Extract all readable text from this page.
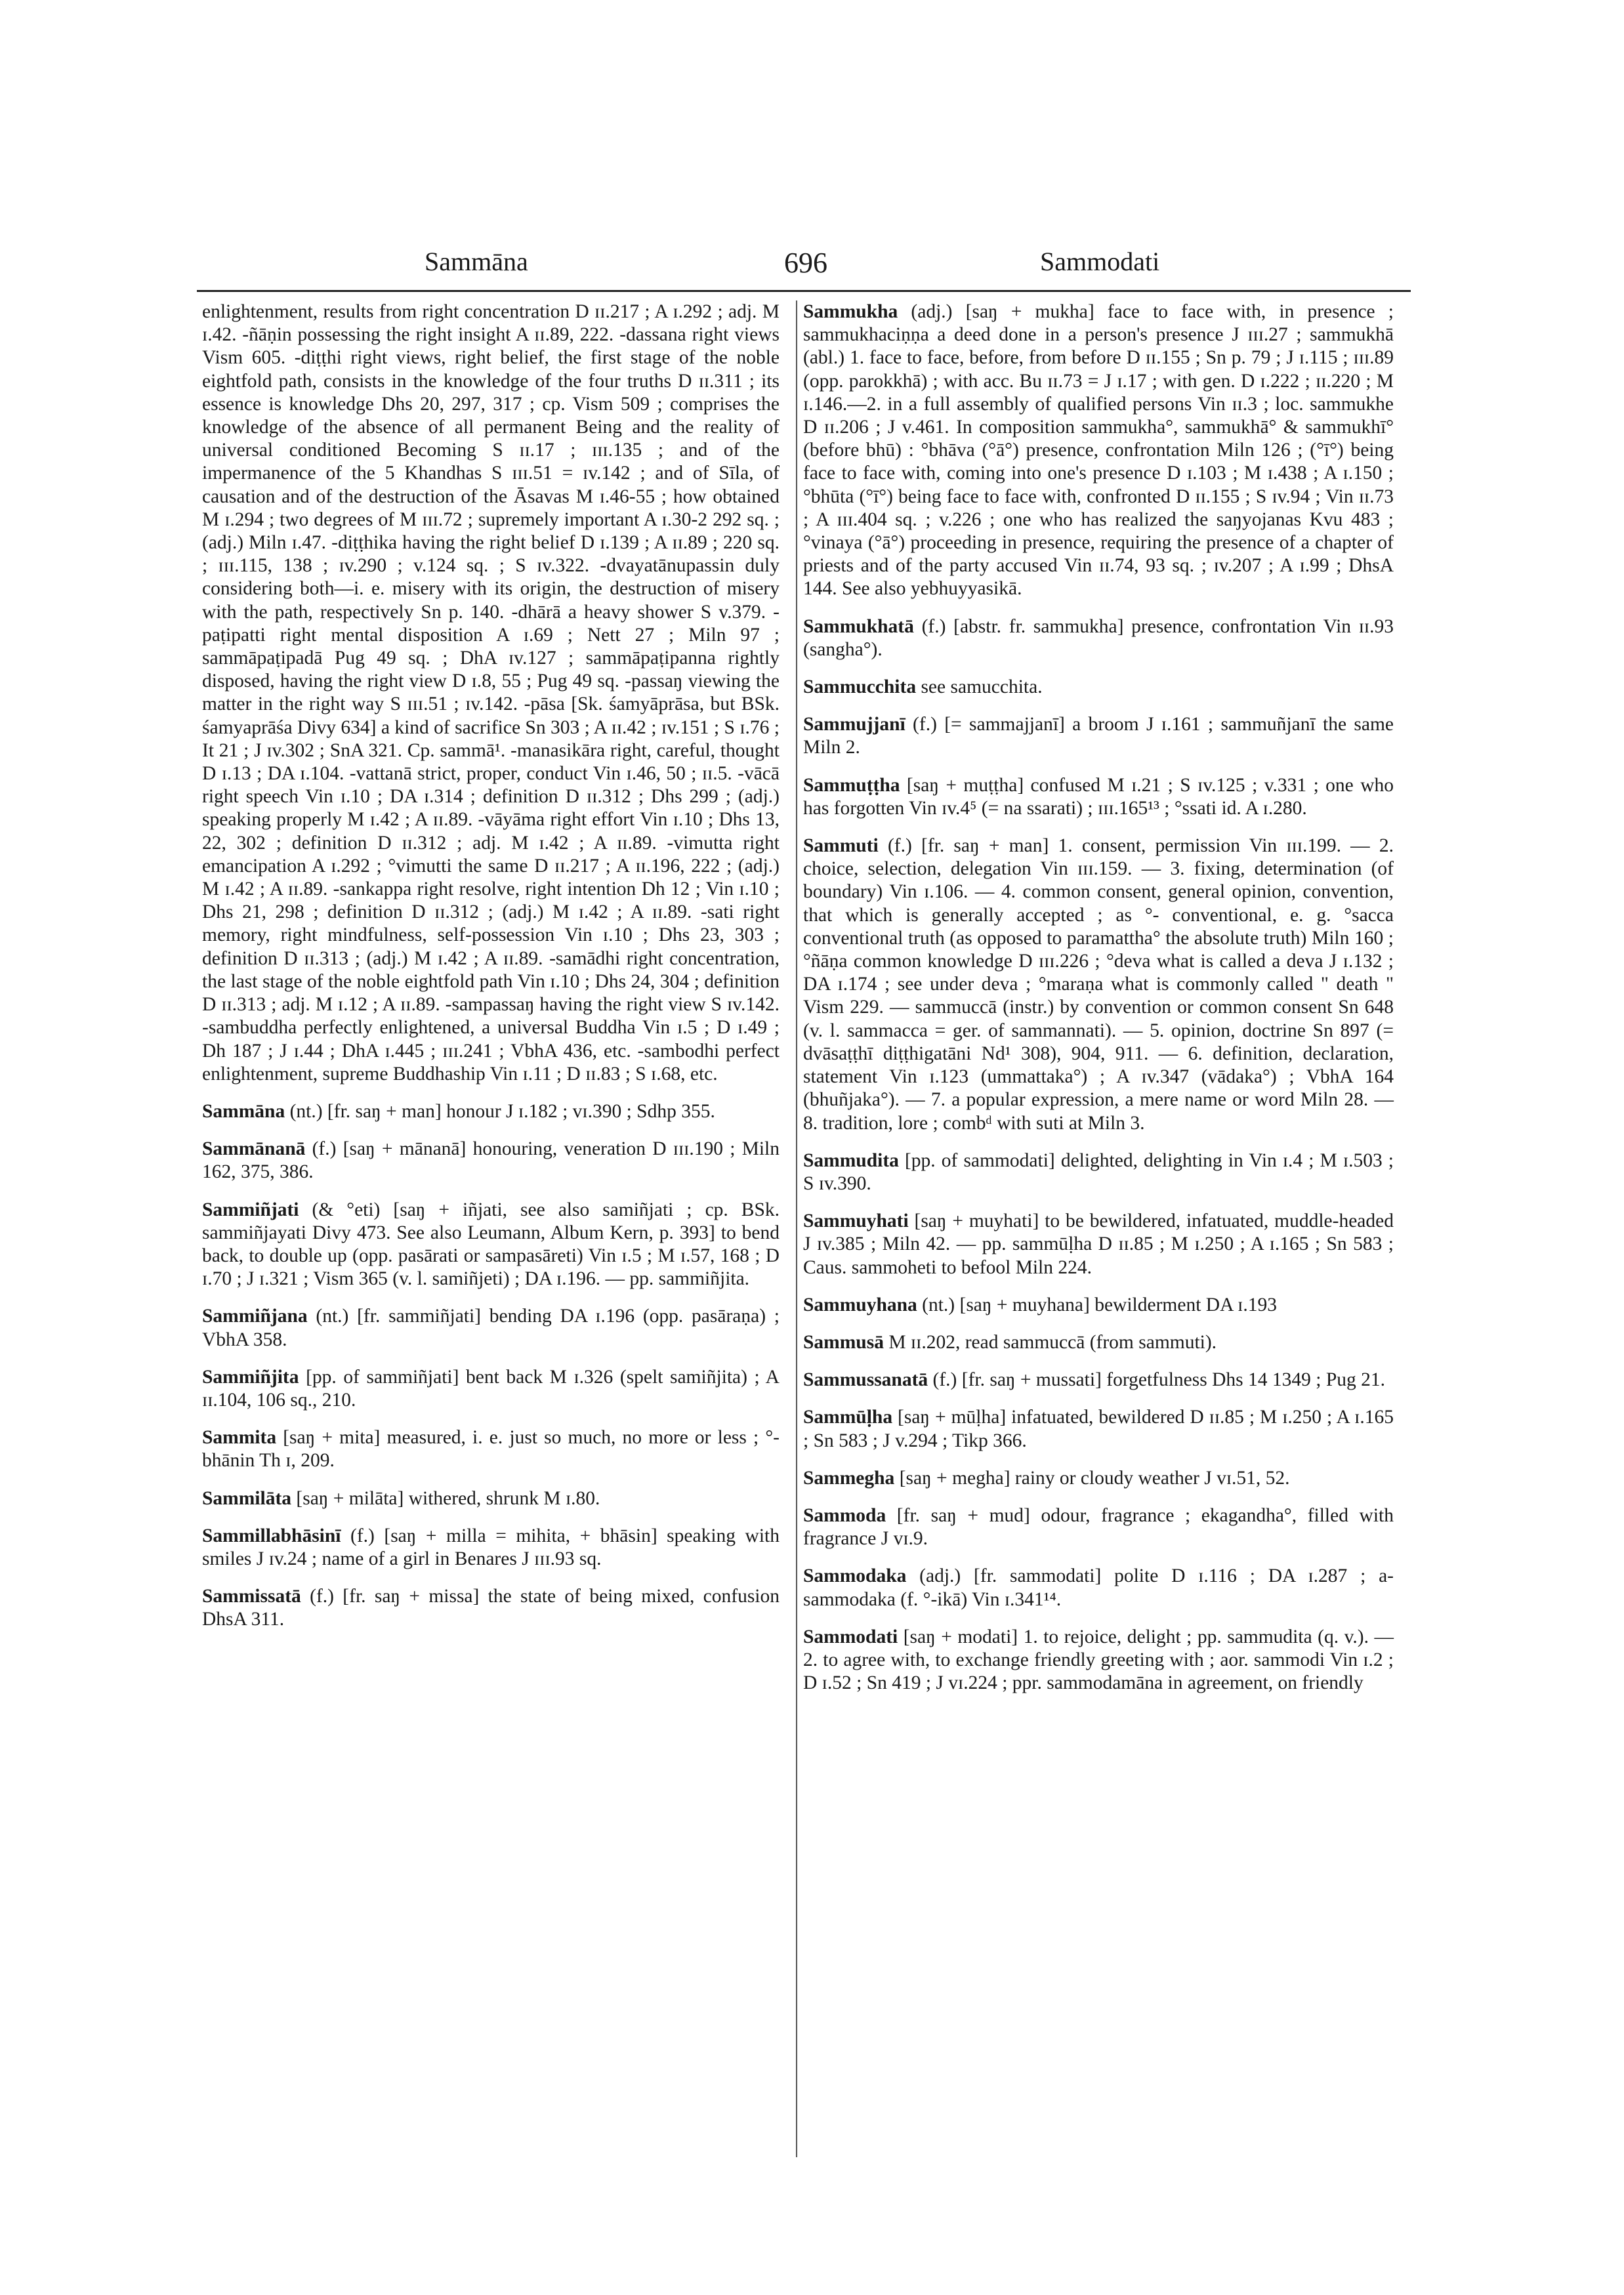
Sammāna	696	Sammodati

enlightenment, results from right concentration D ɪɪ.217 ; A ɪ.292 ; adj. M ɪ.42. -ñāṇin possessing the right insight A ɪɪ.89, 222. -dassana right views Vism 605. -diṭṭhi right views, right belief, the first stage of the noble eightfold path, consists in the knowledge of the four truths D ɪɪ.311 ; its essence is knowledge Dhs 20, 297, 317 ; cp. Vism 509 ; comprises the knowledge of the absence of all permanent Being and the reality of universal conditioned Becoming S ɪɪ.17 ; ɪɪɪ.135 ; and of the impermanence of the 5 Khandhas S ɪɪɪ.51 = ɪv.142 ; and of Sīla, of causation and of the destruction of the Āsavas M ɪ.46-55 ; how obtained M ɪ.294 ; two degrees of M ɪɪɪ.72 ; supremely important A ɪ.30-2 292 sq. ; (adj.) Miln ɪ.47. -diṭṭhika having the right belief D ɪ.139 ; A ɪɪ.89 ; 220 sq. ; ɪɪɪ.115, 138 ; ɪv.290 ; v.124 sq. ; S ɪv.322. -dvayatānupassin duly considering both—i. e. misery with its origin, the destruction of misery with the path, respectively Sn p. 140. -dhārā a heavy shower S v.379. -paṭipatti right mental disposition A ɪ.69 ; Nett 27 ; Miln 97 ; sammāpaṭipadā Pug 49 sq. ; DhA ɪv.127 ; sammāpaṭipanna rightly disposed, having the right view D ɪ.8, 55 ; Pug 49 sq. -passaŋ viewing the matter in the right way S ɪɪɪ.51 ; ɪv.142. -pāsa [Sk. śamyāprāsa, but BSk. śamyaprāśa Divy 634] a kind of sacrifice Sn 303 ; A ɪɪ.42 ; ɪv.151 ; S ɪ.76 ; It 21 ; J ɪv.302 ; SnA 321. Cp. sammā¹. -manasikāra right, careful, thought D ɪ.13 ; DA ɪ.104. -vattanā strict, proper, conduct Vin ɪ.46, 50 ; ɪɪ.5. -vācā right speech Vin ɪ.10 ; DA ɪ.314 ; definition D ɪɪ.312 ; Dhs 299 ; (adj.) speaking properly M ɪ.42 ; A ɪɪ.89. -vāyāma right effort Vin ɪ.10 ; Dhs 13, 22, 302 ; definition D ɪɪ.312 ; adj. M ɪ.42 ; A ɪɪ.89. -vimutta right emancipation A ɪ.292 ; °vimutti the same D ɪɪ.217 ; A ɪɪ.196, 222 ; (adj.) M ɪ.42 ; A ɪɪ.89. -sankappa right resolve, right intention Dh 12 ; Vin ɪ.10 ; Dhs 21, 298 ; definition D ɪɪ.312 ; (adj.) M ɪ.42 ; A ɪɪ.89. -sati right memory, right mindfulness, self-possession Vin ɪ.10 ; Dhs 23, 303 ; definition D ɪɪ.313 ; (adj.) M ɪ.42 ; A ɪɪ.89. -samādhi right concentration, the last stage of the noble eightfold path Vin ɪ.10 ; Dhs 24, 304 ; definition D ɪɪ.313 ; adj. M ɪ.12 ; A ɪɪ.89. -sampassaŋ having the right view S ɪv.142. -sambuddha perfectly enlightened, a universal Buddha Vin ɪ.5 ; D ɪ.49 ; Dh 187 ; J ɪ.44 ; DhA ɪ.445 ; ɪɪɪ.241 ; VbhA 436, etc. -sambodhi perfect enlightenment, supreme Buddhaship Vin ɪ.11 ; D ɪɪ.83 ; S ɪ.68, etc.

Sammāna (nt.) [fr. saŋ + man] honour J ɪ.182 ; vɪ.390 ; Sdhp 355.

Sammānanā (f.) [saŋ + mānanā] honouring, veneration D ɪɪɪ.190 ; Miln 162, 375, 386.

Sammiñjati (& °eti) [saŋ + iñjati, see also samiñjati ; cp. BSk. sammiñjayati Divy 473. See also Leumann, Album Kern, p. 393] to bend back, to double up (opp. pasārati or sampasāreti) Vin ɪ.5 ; M ɪ.57, 168 ; D ɪ.70 ; J ɪ.321 ; Vism 365 (v. l. samiñjeti) ; DA ɪ.196. — pp. sammiñjita.

Sammiñjana (nt.) [fr. sammiñjati] bending DA ɪ.196 (opp. pasāraṇa) ; VbhA 358.

Sammiñjita [pp. of sammiñjati] bent back M ɪ.326 (spelt samiñjita) ; A ɪɪ.104, 106 sq., 210.

Sammita [saŋ + mita] measured, i. e. just so much, no more or less ; °-bhānin Th ɪ, 209.

Sammilāta [saŋ + milāta] withered, shrunk M ɪ.80.

Sammillabhāsinī (f.) [saŋ + milla = mihita, + bhāsin] speaking with smiles J ɪv.24 ; name of a girl in Benares J ɪɪɪ.93 sq.

Sammissatā (f.) [fr. saŋ + missa] the state of being mixed, confusion DhsA 311.

Sammukha (adj.) [saŋ + mukha] face to face with, in presence ; sammukhaciṇṇa a deed done in a person's presence J ɪɪɪ.27 ; sammukhā (abl.) 1. face to face, before, from before D ɪɪ.155 ; Sn p. 79 ; J ɪ.115 ; ɪɪɪ.89 (opp. parokkhā) ; with acc. Bu ɪɪ.73 = J ɪ.17 ; with gen. D ɪ.222 ; ɪɪ.220 ; M ɪ.146.—2. in a full assembly of qualified persons Vin ɪɪ.3 ; loc. sammukhe D ɪɪ.206 ; J v.461. In composition sammukha°, sammukhā° & sammukhī° (before bhū) : °bhāva (°ā°) presence, confrontation Miln 126 ; (°ī°) being face to face with, coming into one's presence D ɪ.103 ; M ɪ.438 ; A ɪ.150 ; °bhūta (°ī°) being face to face with, confronted D ɪɪ.155 ; S ɪv.94 ; Vin ɪɪ.73 ; A ɪɪɪ.404 sq. ; v.226 ; one who has realized the saŋyojanas Kvu 483 ; °vinaya (°ā°) proceeding in presence, requiring the presence of a chapter of priests and of the party accused Vin ɪɪ.74, 93 sq. ; ɪv.207 ; A ɪ.99 ; DhsA 144. See also yebhuyyasikā.

Sammukhatā (f.) [abstr. fr. sammukha] presence, confrontation Vin ɪɪ.93 (sangha°).

Sammucchita see samucchita.

Sammujjanī (f.) [= sammajjanī] a broom J ɪ.161 ; sammuñjanī the same Miln 2.

Sammuṭṭha [saŋ + muṭṭha] confused M ɪ.21 ; S ɪv.125 ; v.331 ; one who has forgotten Vin ɪv.4⁵ (= na ssarati) ; ɪɪɪ.165¹³ ; °ssati id. A ɪ.280.

Sammuti (f.) [fr. saŋ + man] 1. consent, permission Vin ɪɪɪ.199. — 2. choice, selection, delegation Vin ɪɪɪ.159. — 3. fixing, determination (of boundary) Vin ɪ.106. — 4. common consent, general opinion, convention, that which is generally accepted ; as °- conventional, e. g. °sacca conventional truth (as opposed to paramattha° the absolute truth) Miln 160 ; °ñāṇa common knowledge D ɪɪɪ.226 ; °deva what is called a deva J ɪ.132 ; DA ɪ.174 ; see under deva ; °maraṇa what is commonly called " death " Vism 229. — sammuccā (instr.) by convention or common consent Sn 648 (v. l. sammacca = ger. of sammannati). — 5. opinion, doctrine Sn 897 (= dvāsaṭṭhī diṭṭhigatāni Nd¹ 308), 904, 911. — 6. definition, declaration, statement Vin ɪ.123 (ummattaka°) ; A ɪv.347 (vādaka°) ; VbhA 164 (bhuñjaka°). — 7. a popular expression, a mere name or word Miln 28. — 8. tradition, lore ; combᵈ with suti at Miln 3.

Sammudita [pp. of sammodati] delighted, delighting in Vin ɪ.4 ; M ɪ.503 ; S ɪv.390.

Sammuyhati [saŋ + muyhati] to be bewildered, infatuated, muddle-headed J ɪv.385 ; Miln 42. — pp. sammūḷha D ɪɪ.85 ; M ɪ.250 ; A ɪ.165 ; Sn 583 ; Caus. sammoheti to befool Miln 224.

Sammuyhana (nt.) [saŋ + muyhana] bewilderment DA ɪ.193

Sammusā M ɪɪ.202, read sammuccā (from sammuti).

Sammussanatā (f.) [fr. saŋ + mussati] forgetfulness Dhs 14 1349 ; Pug 21.

Sammūḷha [saŋ + mūḷha] infatuated, bewildered D ɪɪ.85 ; M ɪ.250 ; A ɪ.165 ; Sn 583 ; J v.294 ; Tikp 366.

Sammegha [saŋ + megha] rainy or cloudy weather J vɪ.51, 52.

Sammoda [fr. saŋ + mud] odour, fragrance ; ekagandha°, filled with fragrance J vɪ.9.

Sammodaka (adj.) [fr. sammodati] polite D ɪ.116 ; DA ɪ.287 ; a-sammodaka (f. °-ikā) Vin ɪ.341¹⁴.

Sammodati [saŋ + modati] 1. to rejoice, delight ; pp. sammudita (q. v.). — 2. to agree with, to exchange friendly greeting with ; aor. sammodi Vin ɪ.2 ; D ɪ.52 ; Sn 419 ; J vɪ.224 ; ppr. sammodamāna in agreement, on friendly
